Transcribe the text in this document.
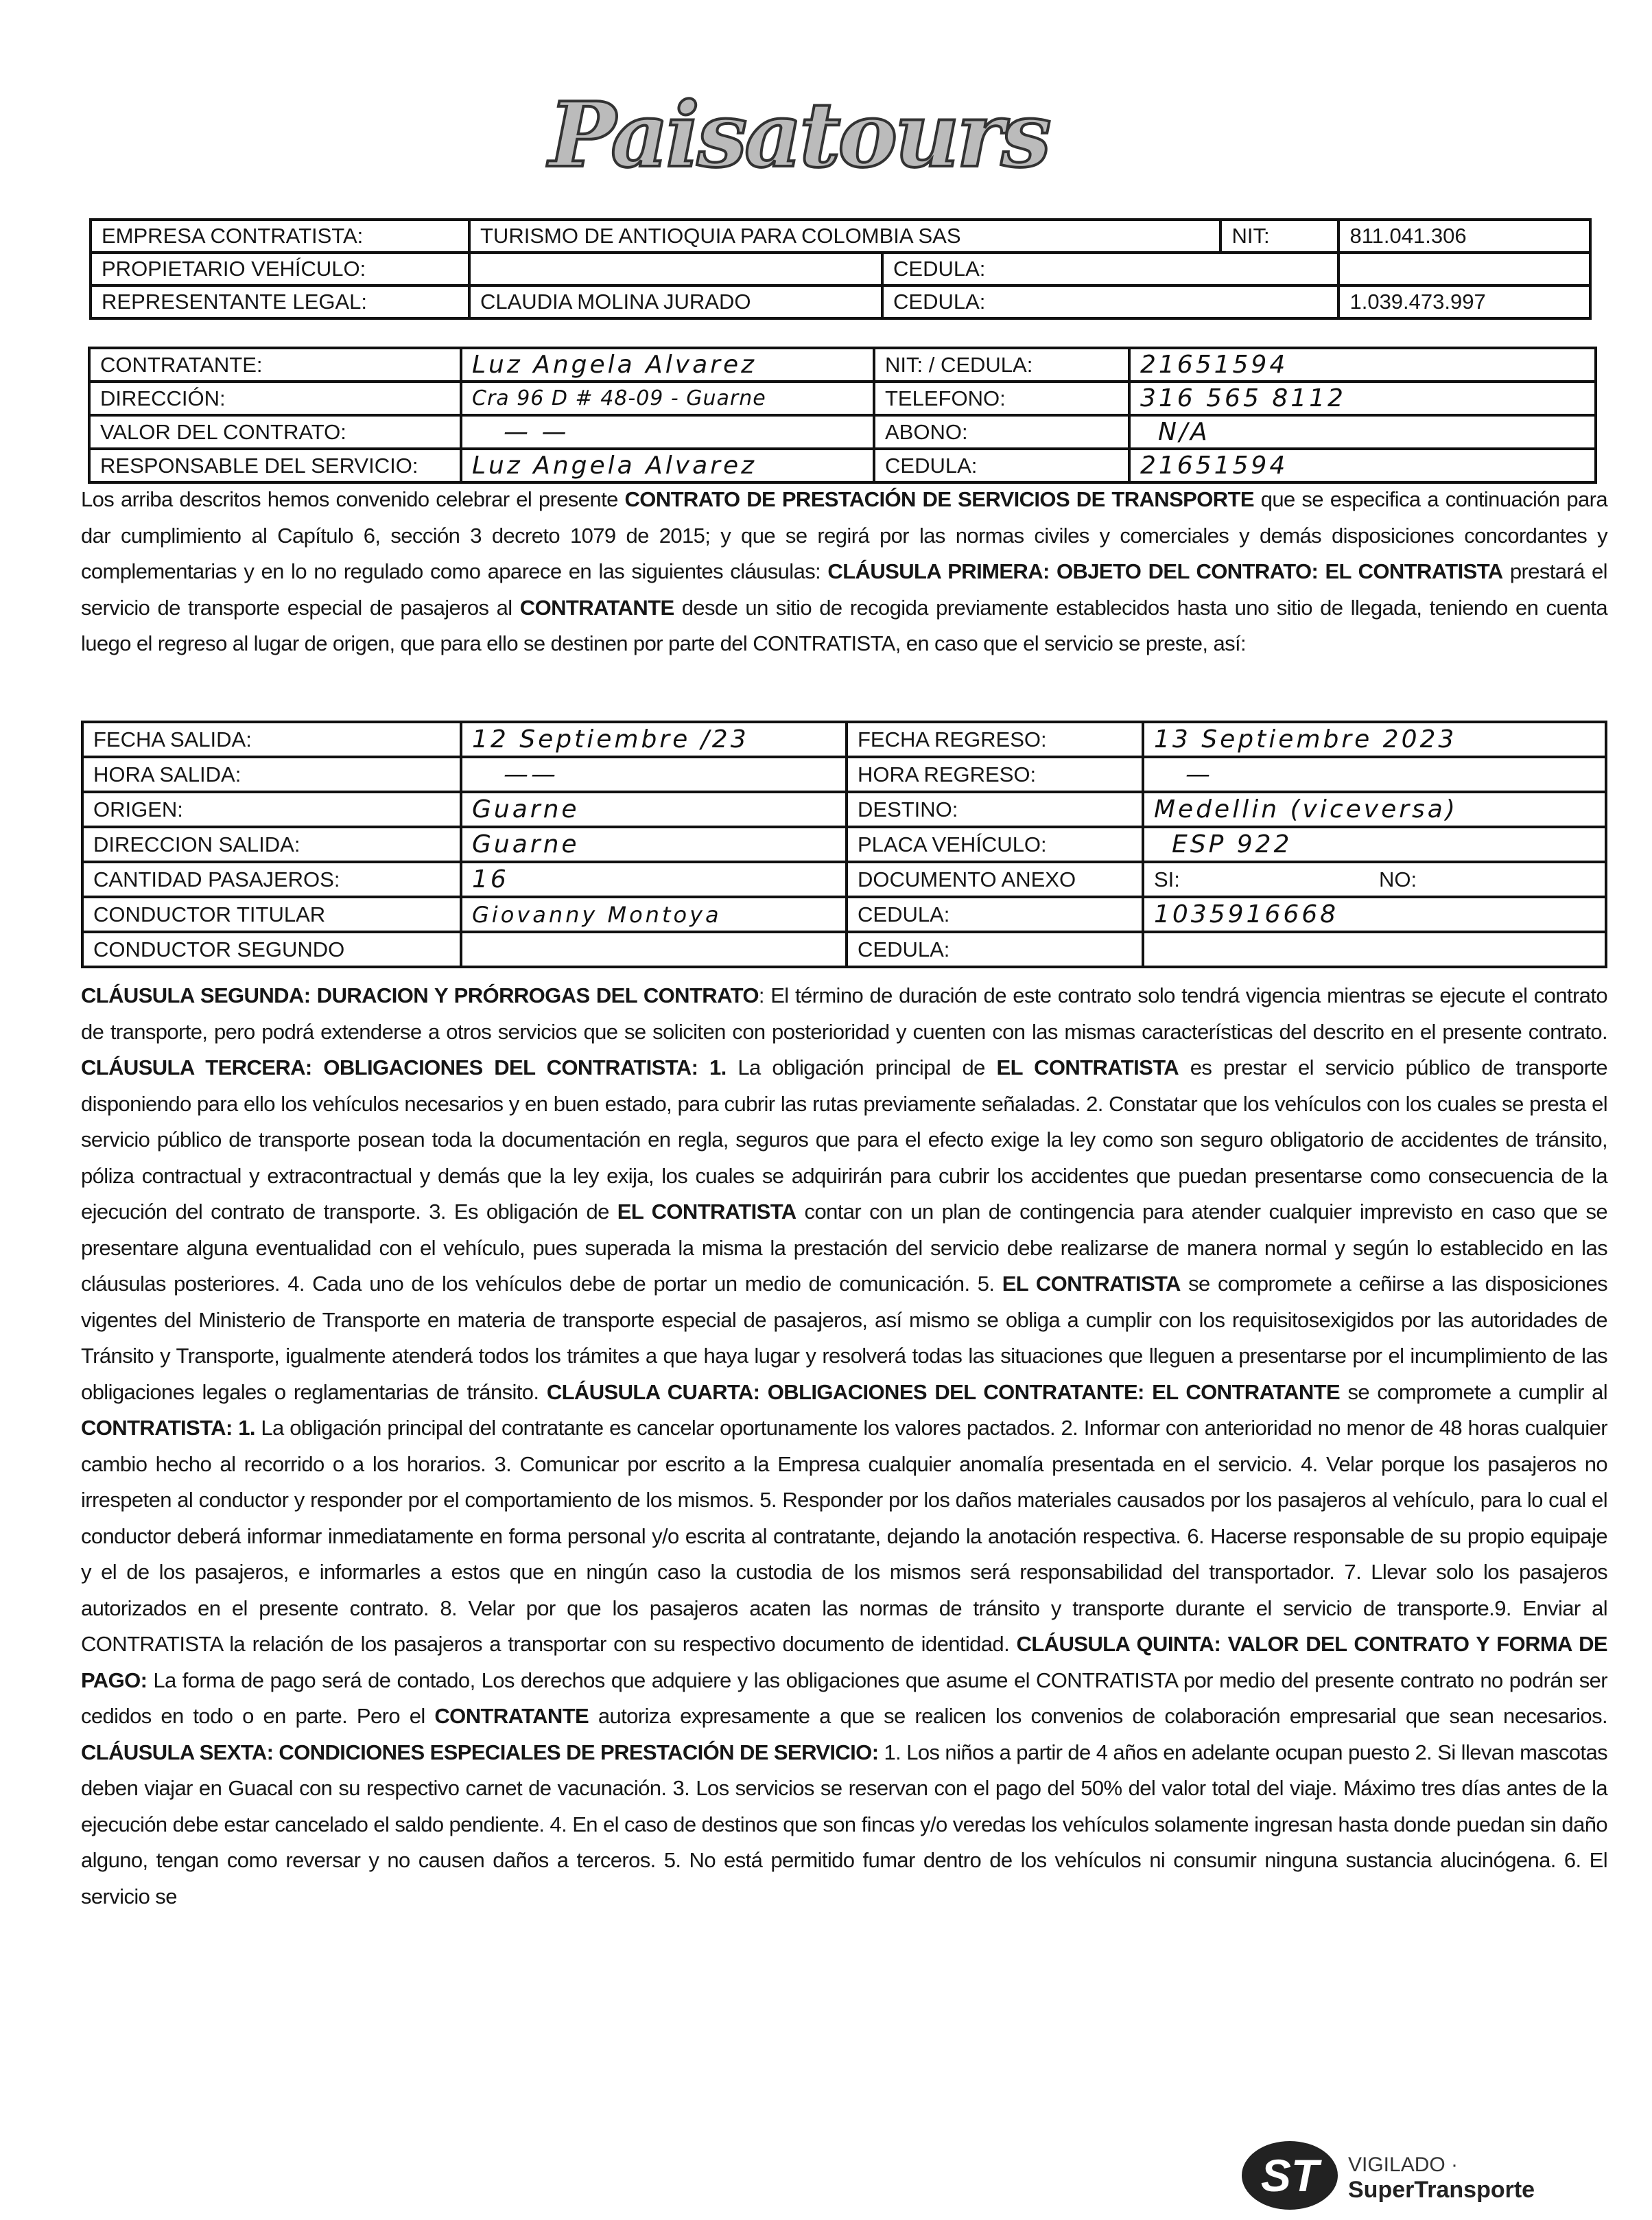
Paisatours
EMPRESA CONTRATISTA:	TURISMO DE ANTIOQUIA PARA COLOMBIA SAS		NIT:	811.041.306
PROPIETARIO VEHÍCULO:		CEDULA:		
REPRESENTANTE LEGAL:	CLAUDIA MOLINA JURADO	CEDULA:		1.039.473.997
CONTRATANTE:	Luz Angela Alvarez	NIT: / CEDULA:	21651594
DIRECCIÓN:	Cra 96 D # 48-09 - Guarne	TELEFONO:	316 565 8112
VALOR DEL CONTRATO:	— —	ABONO:	N/A
RESPONSABLE DEL SERVICIO:	Luz Angela Alvarez	CEDULA:	21651594
Los arriba descritos hemos convenido celebrar el presente CONTRATO DE PRESTACIÓN DE SERVICIOS DE TRANSPORTE que se especifica a continuación para dar cumplimiento al Capítulo 6, sección 3 decreto 1079 de 2015; y que se regirá por las normas civiles y comerciales y demás disposiciones concordantes y complementarias y en lo no regulado como aparece en las siguientes cláusulas: CLÁUSULA PRIMERA: OBJETO DEL CONTRATO: EL CONTRATISTA prestará el servicio de transporte especial de pasajeros al CONTRATANTE desde un sitio de recogida previamente establecidos hasta uno sitio de llegada, teniendo en cuenta luego el regreso al lugar de origen, que para ello se destinen por parte del CONTRATISTA, en caso que el servicio se preste, así:
FECHA SALIDA:	12 Septiembre /23	FECHA REGRESO:	13 Septiembre 2023	
HORA SALIDA:	——	HORA REGRESO:	—	
ORIGEN:	Guarne	DESTINO:	Medellin (viceversa)	
DIRECCION SALIDA:	Guarne	PLACA VEHÍCULO:	ESP 922	
CANTIDAD PASAJEROS:	16	DOCUMENTO ANEXO	SI:	NO:
CONDUCTOR TITULAR	Giovanny Montoya	CEDULA:	1035916668	
CONDUCTOR SEGUNDO		CEDULA:		
CLÁUSULA SEGUNDA: DURACION Y PRÓRROGAS DEL CONTRATO: El término de duración de este contrato solo tendrá vigencia mientras se ejecute el contrato de transporte, pero podrá extenderse a otros servicios que se soliciten con posterioridad y cuenten con las mismas características del descrito en el presente contrato. CLÁUSULA TERCERA: OBLIGACIONES DEL CONTRATISTA: 1. La obligación principal de EL CONTRATISTA es prestar el servicio público de transporte disponiendo para ello los vehículos necesarios y en buen estado, para cubrir las rutas previamente señaladas. 2. Constatar que los vehículos con los cuales se presta el servicio público de transporte posean toda la documentación en regla, seguros que para el efecto exige la ley como son seguro obligatorio de accidentes de tránsito, póliza contractual y extracontractual y demás que la ley exija, los cuales se adquirirán para cubrir los accidentes que puedan presentarse como consecuencia de la ejecución del contrato de transporte. 3. Es obligación de EL CONTRATISTA contar con un plan de contingencia para atender cualquier imprevisto en caso que se presentare alguna eventualidad con el vehículo, pues superada la misma la prestación del servicio debe realizarse de manera normal y según lo establecido en las cláusulas posteriores. 4. Cada uno de los vehículos debe de portar un medio de comunicación. 5. EL CONTRATISTA se compromete a ceñirse a las disposiciones vigentes del Ministerio de Transporte en materia de transporte especial de pasajeros, así mismo se obliga a cumplir con los requisitosexigidos por las autoridades de Tránsito y Transporte, igualmente atenderá todos los trámites a que haya lugar y resolverá todas las situaciones que lleguen a presentarse por el incumplimiento de las obligaciones legales o reglamentarias de tránsito. CLÁUSULA CUARTA: OBLIGACIONES DEL CONTRATANTE: EL CONTRATANTE se compromete a cumplir al CONTRATISTA: 1. La obligación principal del contratante es cancelar oportunamente los valores pactados. 2. Informar con anterioridad no menor de 48 horas cualquier cambio hecho al recorrido o a los horarios. 3. Comunicar por escrito a la Empresa cualquier anomalía presentada en el servicio. 4. Velar porque los pasajeros no irrespeten al conductor y responder por el comportamiento de los mismos. 5. Responder por los daños materiales causados por los pasajeros al vehículo, para lo cual el conductor deberá informar inmediatamente en forma personal y/o escrita al contratante, dejando la anotación respectiva. 6. Hacerse responsable de su propio equipaje y el de los pasajeros, e informarles a estos que en ningún caso la custodia de los mismos será responsabilidad del transportador. 7. Llevar solo los pasajeros autorizados en el presente contrato. 8. Velar por que los pasajeros acaten las normas de tránsito y transporte durante el servicio de transporte.9. Enviar al CONTRATISTA la relación de los pasajeros a transportar con su respectivo documento de identidad. CLÁUSULA QUINTA: VALOR DEL CONTRATO Y FORMA DE PAGO: La forma de pago será de contado, Los derechos que adquiere y las obligaciones que asume el CONTRATISTA por medio del presente contrato no podrán ser cedidos en todo o en parte. Pero el CONTRATANTE autoriza expresamente a que se realicen los convenios de colaboración empresarial que sean necesarios. CLÁUSULA SEXTA: CONDICIONES ESPECIALES DE PRESTACIÓN DE SERVICIO: 1. Los niños a partir de 4 años en adelante ocupan puesto 2. Si llevan mascotas deben viajar en Guacal con su respectivo carnet de vacunación. 3. Los servicios se reservan con el pago del 50% del valor total del viaje. Máximo tres días antes de la ejecución debe estar cancelado el saldo pendiente. 4. En el caso de destinos que son fincas y/o veredas los vehículos solamente ingresan hasta donde puedan sin daño alguno, tengan como reversar y no causen daños a terceros. 5. No está permitido fumar dentro de los vehículos ni consumir ninguna sustancia alucinógena. 6. El servicio se
ST	VIGILADO ·
SuperTransporte
